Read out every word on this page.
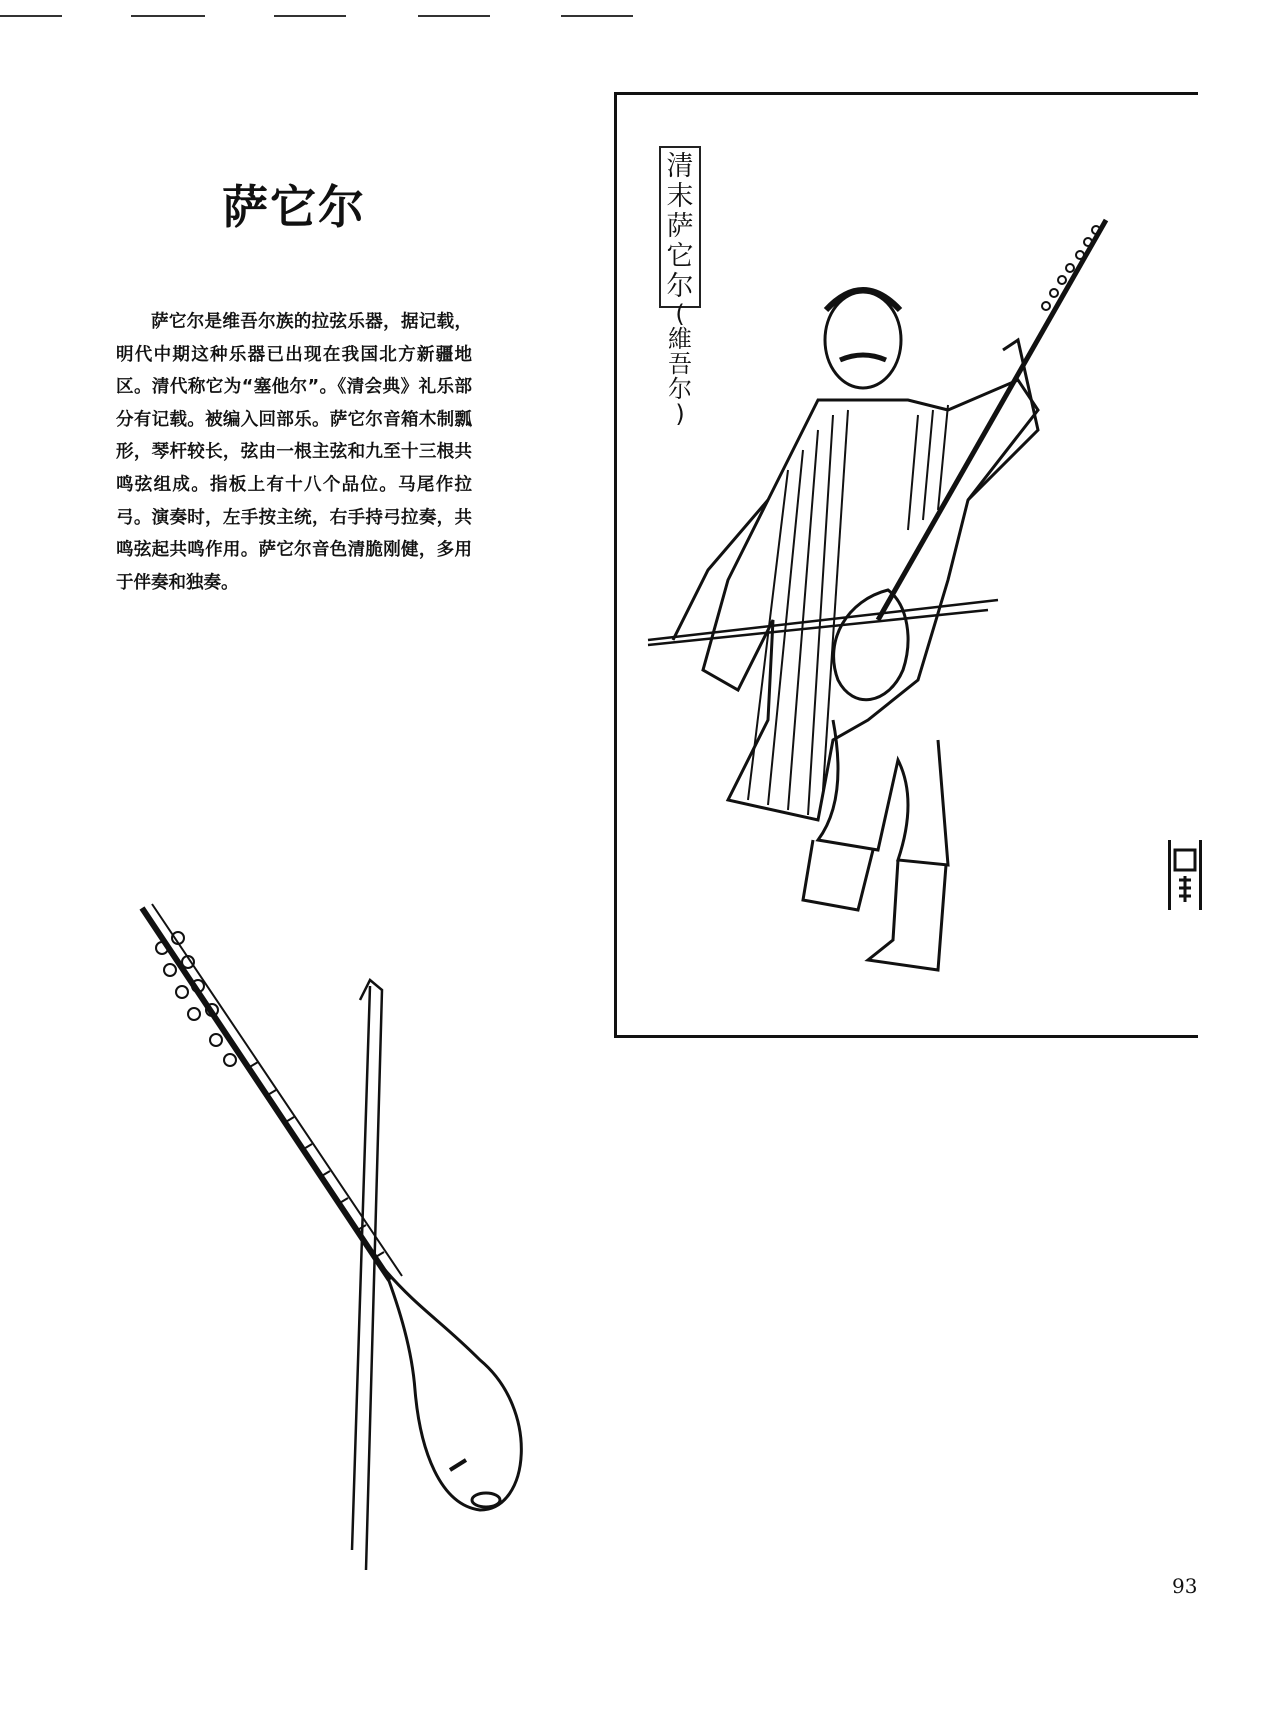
萨它尔

萨它尔是维吾尔族的拉弦乐器，据记载，明代中期这种乐器已出现在我国北方新疆地区。清代称它为“塞他尔”。《清会典》礼乐部分有记载。被编入回部乐。萨它尔音箱木制瓢形，琴杆较长，弦由一根主弦和九至十三根共鸣弦组成。指板上有十八个品位。马尾作拉弓。演奏时，左手按主统，右手持弓拉奏，共鸣弦起共鸣作用。萨它尔音色清脆刚健，多用于伴奏和独奏。

清
末
萨
它
尔
(
維
吾
尔
)
93
